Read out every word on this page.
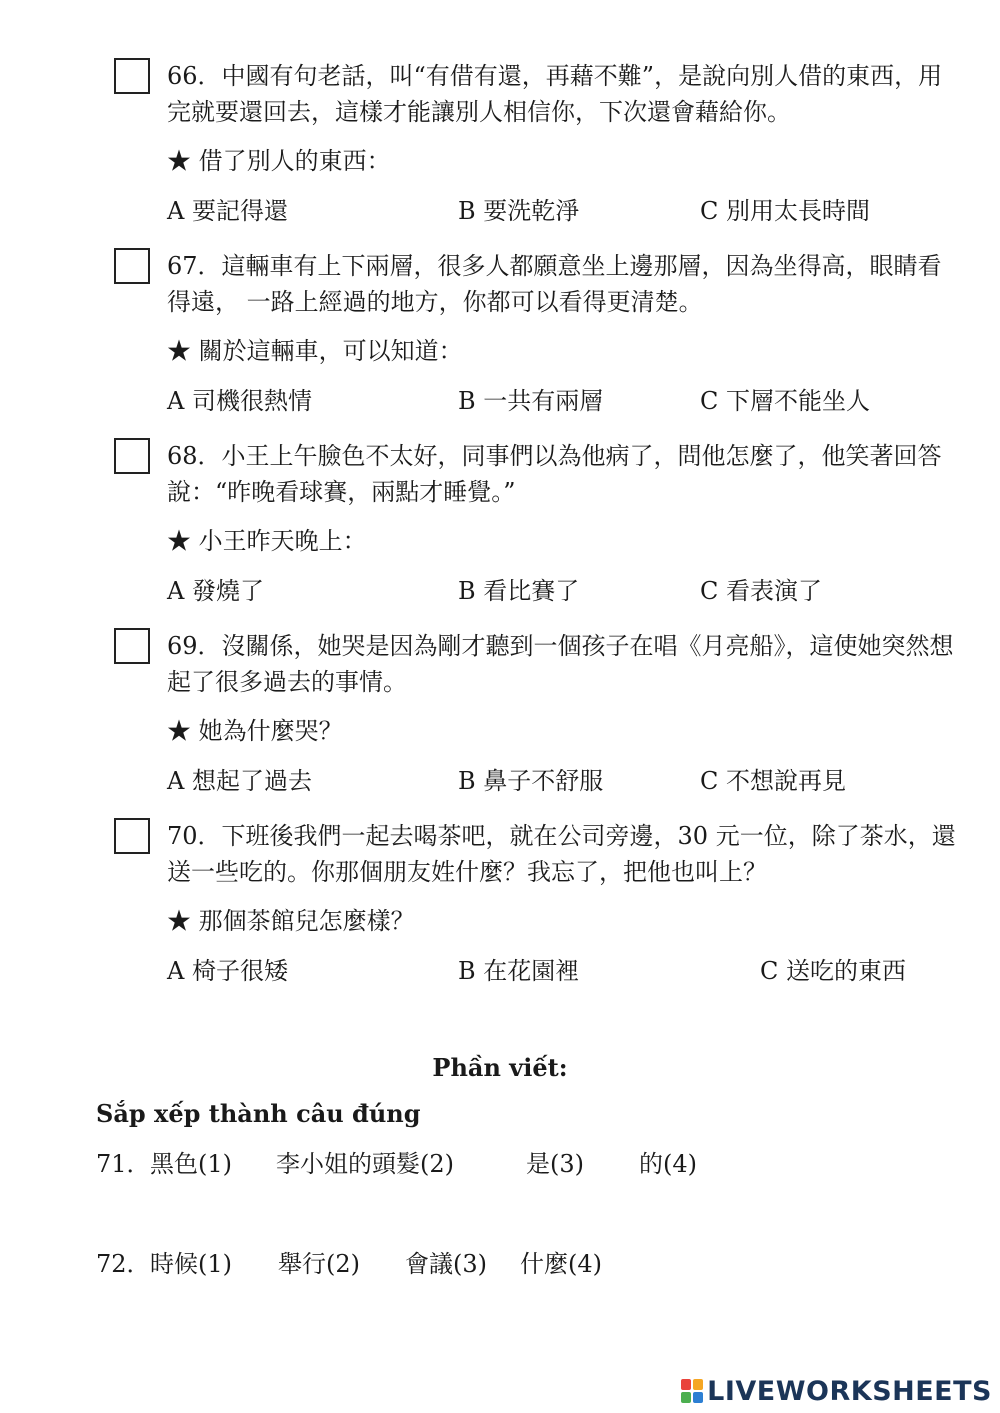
66．中國有句老話，叫“有借有還，再藉不難”，是說向別人借的東西，用完就要還回去，這樣才能讓別人相信你，下次還會藉給你。

★ 借了別人的東西：
A 要記得還	B 要洗乾淨	C 別用太長時間

67．這輛車有上下兩層，很多人都願意坐上邊那層，因為坐得高，眼睛看得遠， 一路上經過的地方，你都可以看得更清楚。

★ 關於這輛車，可以知道：
A 司機很熱情	B 一共有兩層	C 下層不能坐人

68．小王上午臉色不太好，同事們以為他病了，問他怎麼了，他笑著回答說：“昨晚看球賽，兩點才睡覺。”

★ 小王昨天晚上：
A 發燒了	B 看比賽了	C 看表演了

69．沒關係，她哭是因為剛才聽到一個孩子在唱《月亮船》，這使她突然想起了很多過去的事情。

★ 她為什麼哭？
A 想起了過去	B 鼻子不舒服	C 不想說再見

70．下班後我們一起去喝茶吧，就在公司旁邊，30 元一位，除了茶水，還送一些吃的。你那個朋友姓什麼？我忘了，把他也叫上？

★ 那個茶館兒怎麼樣？
A 椅子很矮	B 在花園裡	C 送吃的東西
Phần viết:
Sắp xếp thành câu đúng
71． 黑色(1) 李小姐的頭髮(2)	是(3) 的(4)
72． 時候(1) 舉行(2) 會議(3) 什麼(4)
LIVEWORKSHEETS
